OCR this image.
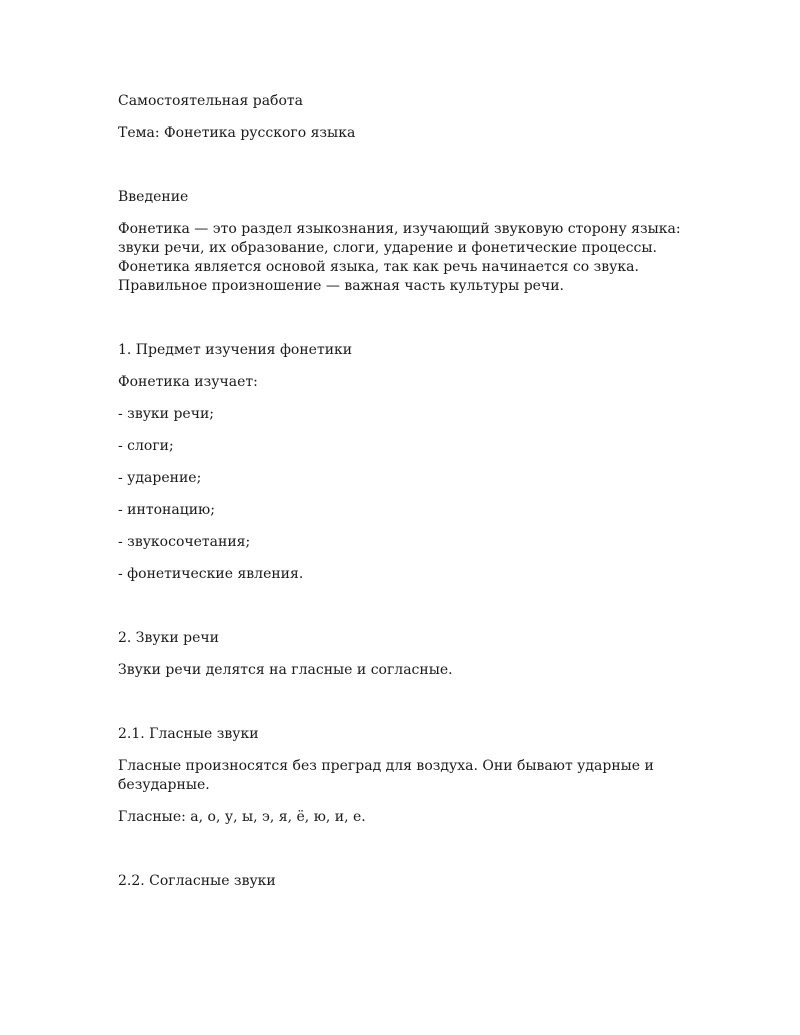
Самостоятельная работа
Тема: Фонетика русского языка
Введение
Фонетика — это раздел языкознания, изучающий звуковую сторону языка:
звуки речи, их образование, слоги, ударение и фонетические процессы.
Фонетика является основой языка, так как речь начинается со звука.
Правильное произношение — важная часть культуры речи.
1. Предмет изучения фонетики
Фонетика изучает:
- звуки речи;
- слоги;
- ударение;
- интонацию;
- звукосочетания;
- фонетические явления.
2. Звуки речи
Звуки речи делятся на гласные и согласные.
2.1. Гласные звуки
Гласные произносятся без преград для воздуха. Они бывают ударные и
безударные.
Гласные: а, о, у, ы, э, я, ё, ю, и, е.
2.2. Согласные звуки
